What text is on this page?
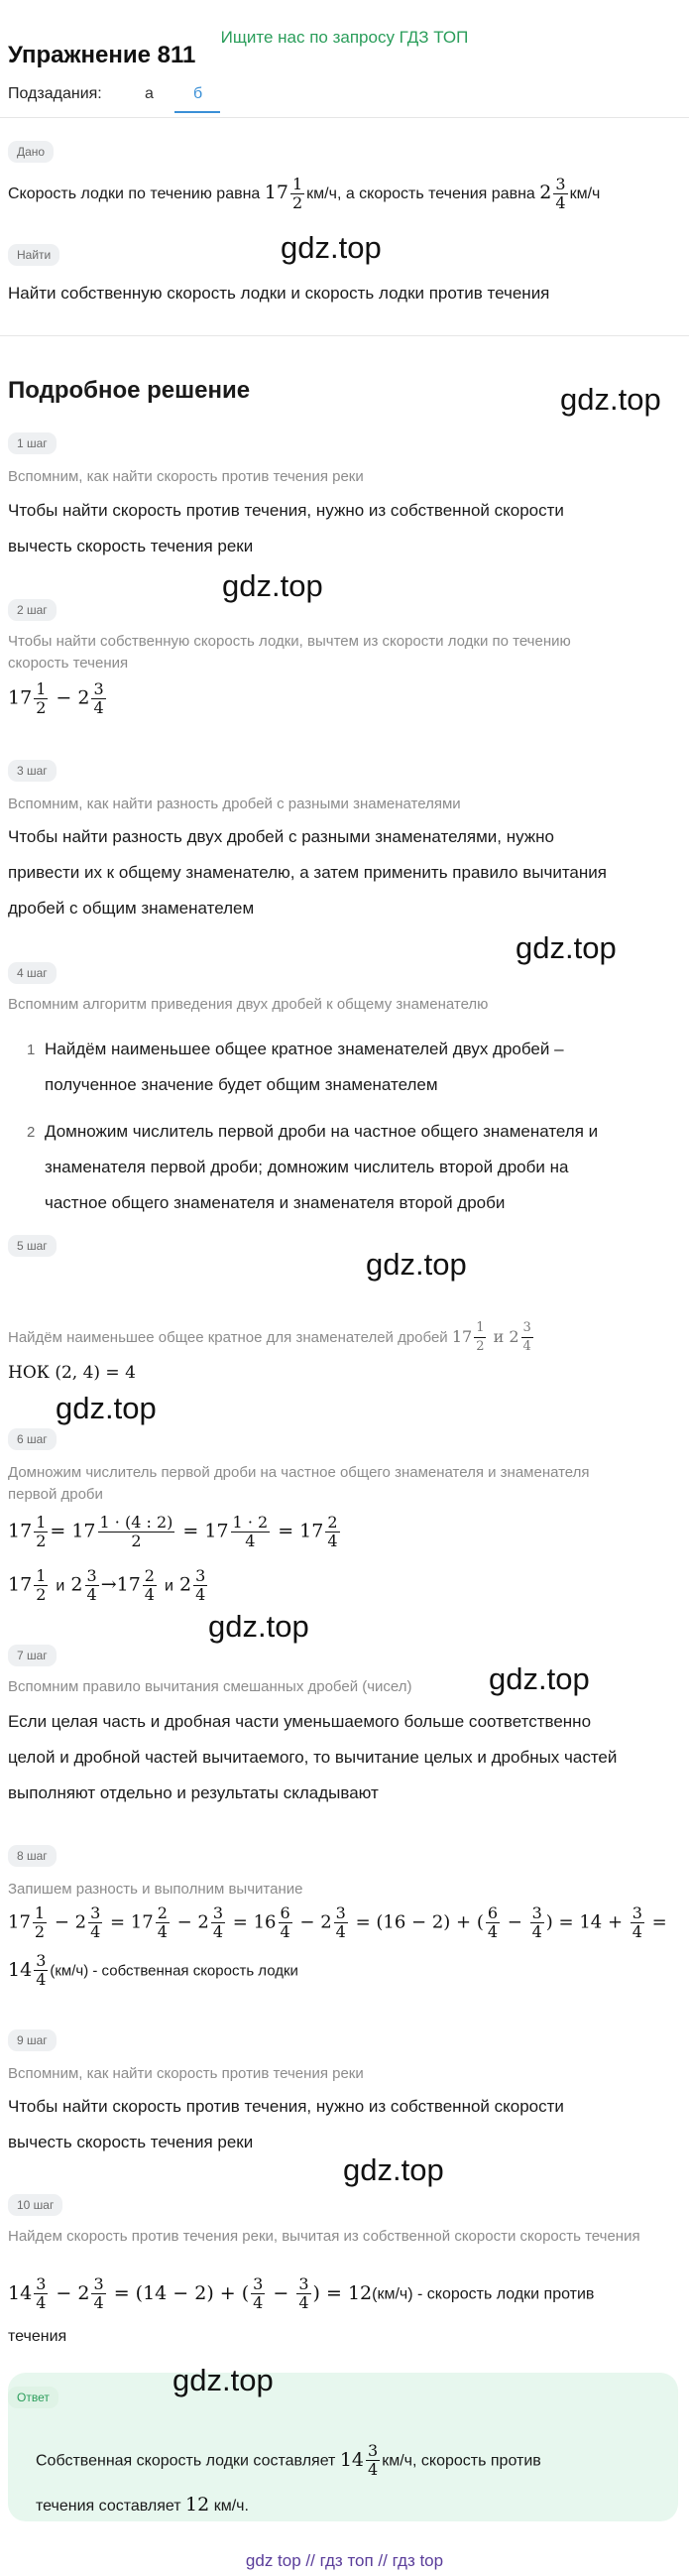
Ищите нас по запросу ГДЗ ТОП
Упражнение 811
Подзадания:	а	б
Дано
Скорость лодки по течению равна $17 \frac{1}{2} км/ч$, а скорость течения равна $2 \frac{3}{4} км/ч$
Найти	gdz.top
Найти собственную скорость лодки и скорость лодки против течения
Подробное решение	gdz.top
1 шаг
Вспомним, как найти скорость против течения реки
Чтобы найти скорость против течения, нужно из собственной скорости
вычесть скорость течения реки
gdz.top
2 шаг
Чтобы найти собственную скорость лодки, вычтем из скорости лодки по течению скорость течения
$17 \frac{1}{2} - 2 \frac{3}{4}$
3 шаг
Вспомним, как найти разность дробей с разными знаменателями
Чтобы найти разность двух дробей с разными знаменателями, нужно
привести их к общему знаменателю, а затем применить правило вычитания
дробей с общим знаменателем
gdz.top
4 шаг
Вспомним алгоритм приведения двух дробей к общему знаменателю
1 Найдём наименьшее общее кратное знаменателей двух дробей –
полученное значение будет общим знаменателем
2 Домножим числитель первой дроби на частное общего знаменателя и
знаменателя первой дроби; домножим числитель второй дроби на
частное общего знаменателя и знаменателя второй дроби
gdz.top
5 шаг
Найдём наименьшее общее кратное для знаменателей дробей $17 \frac{1}{2}$ и $2 \frac{3}{4}$
НОК (2, 4) = 4
gdz.top
6 шаг
Домножим числитель первой дроби на частное общего знаменателя и знаменателя первой дроби
$17 \frac{1}{2} = 17 \frac{1 \cdot (4 : 2)}{2} = 17 \frac{1 \cdot 2}{4} = 17 \frac{2}{4}$
$17 \frac{1}{2}$ и $2 \frac{3}{4} \to 17 \frac{2}{4}$ и $2 \frac{3}{4}$
gdz.top
7 шаг
gdz.top
Вспомним правило вычитания смешанных дробей (чисел)
Если целая часть и дробная части уменьшаемого больше соответственно
целой и дробной частей вычитаемого, то вычитание целых и дробных частей
выполняют отдельно и результаты складывают
8 шаг
Запишем разность и выполним вычитание
$17 \frac{1}{2} - 2 \frac{3}{4} = 17 \frac{2}{4} - 2 \frac{3}{4} = 16 \frac{6}{4} - 2 \frac{3}{4} = (16 - 2)$ + ( $\frac{6}{4} - \frac{3}{4}$ ) = $14 + \frac{3}{4}$ =
$14 \frac{3}{4} (км/ч)$ - собственная скорость лодки
9 шаг
Вспомним, как найти скорость против течения реки
Чтобы найти скорость против течения, нужно из собственной скорости
вычесть скорость течения реки
gdz.top
10 шаг
Найдем скорость против течения реки, вычитая из собственной скорости скорость течения
$14 \frac{3}{4} - 2 \frac{3}{4} = (14 - 2)$ + ( $\frac{3}{4} - \frac{3}{4}$ ) = 12(км/ч) - скорость лодки против
течения
Ответ	gdz.top
Собственная скорость лодки составляет $14 \frac{3}{4} км/ч$, скорость против
течения составляет 12 км/ч.
gdz top // гдз топ // гдз top
